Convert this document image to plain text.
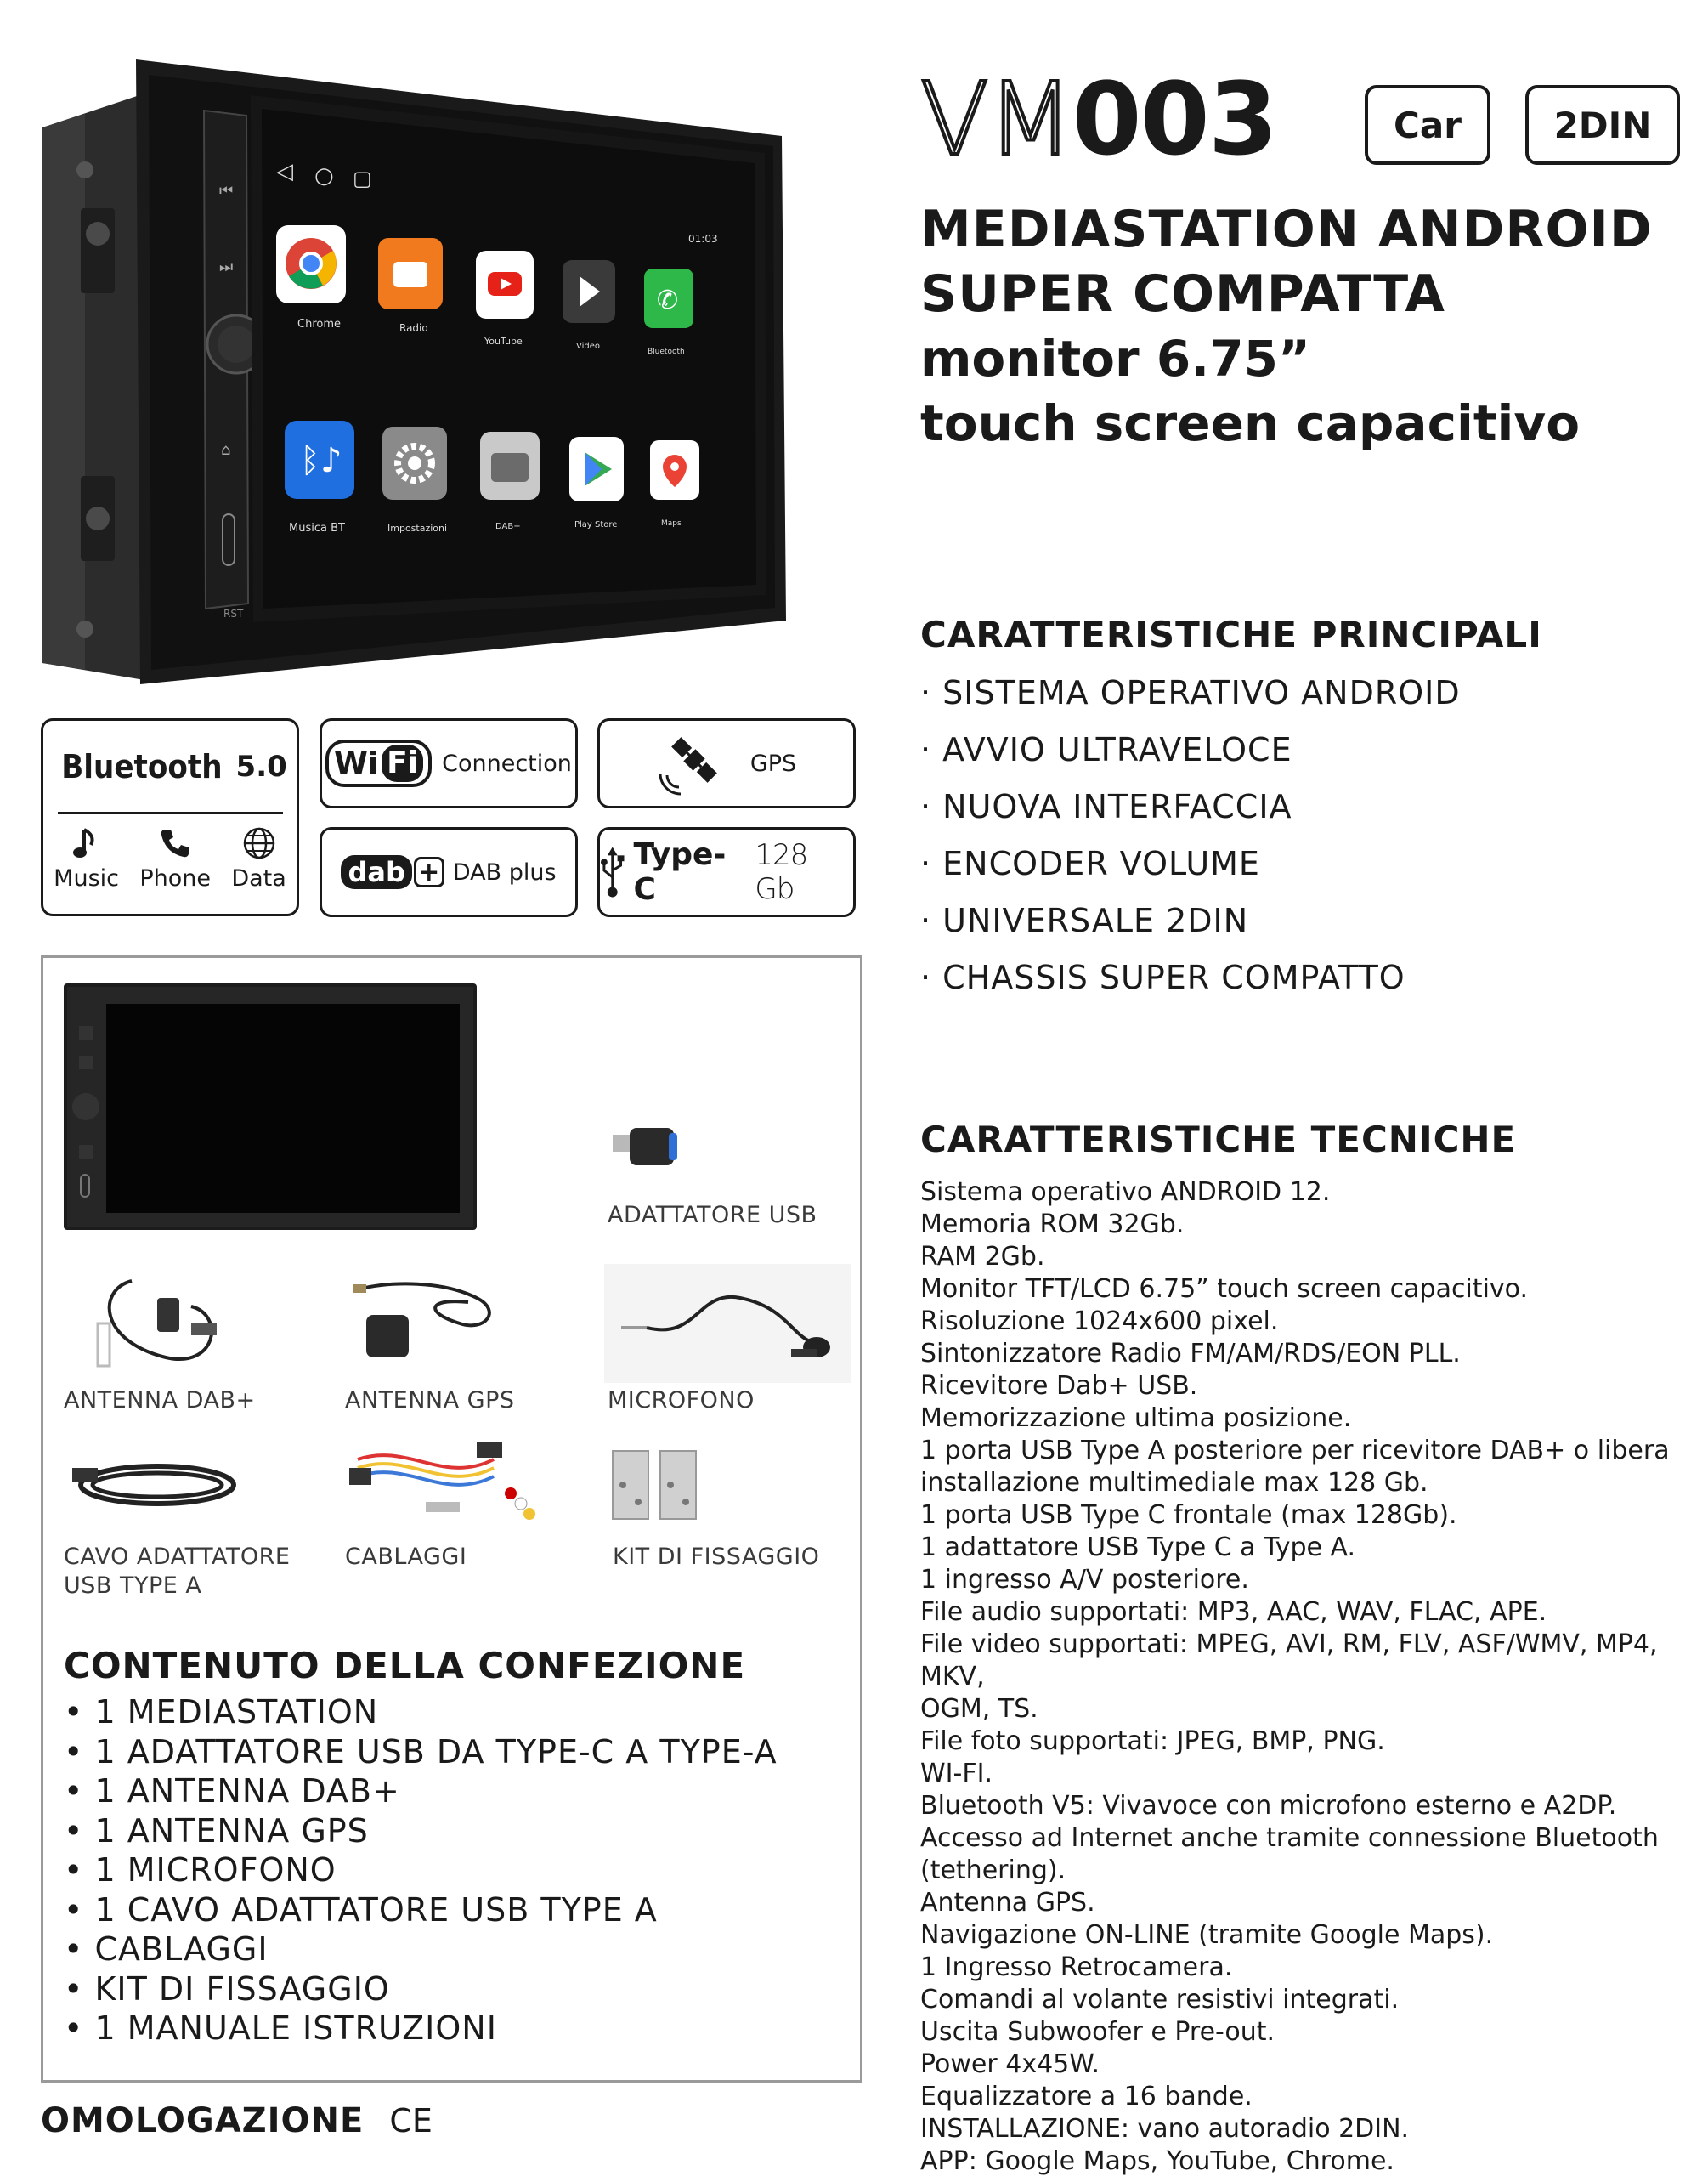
VM 003	Car	2DIN
MEDIASTATION ANDROID
SUPER COMPATTA
monitor 6.75”
touch screen capacitivo
⏮
⏭
⌂
RST
◁ ○ ▢
01:03
Chrome	Radio
YouTube	Video
✆
Bluetooth
ᛒ♪
Musica BT	Impostazioni	DAB+	Play Store	Maps
Bluetooth 5.0
Music Phone Data
Wi Fi Connection	GPS
dab + DAB plus	Type-C
128 Gb
CARATTERISTICHE PRINCIPALI
· SISTEMA OPERATIVO ANDROID
· AVVIO ULTRAVELOCE
· NUOVA INTERFACCIA
· ENCODER VOLUME
· UNIVERSALE 2DIN
· CHASSIS SUPER COMPATTO
CARATTERISTICHE TECNICHE
Sistema operativo ANDROID 12.
Memoria ROM 32Gb.
RAM 2Gb.
Monitor TFT/LCD 6.75” touch screen capacitivo.
Risoluzione 1024x600 pixel.
Sintonizzatore Radio FM/AM/RDS/EON PLL.
Ricevitore Dab+ USB.
Memorizzazione ultima posizione.
1 porta USB Type A posteriore per ricevitore DAB+ o libera
installazione multimediale max 128 Gb.
1 porta USB Type C frontale (max 128Gb).
1 adattatore USB Type C a Type A.
1 ingresso A/V posteriore.
File audio supportati: MP3, AAC, WAV, FLAC, APE.
File video supportati: MPEG, AVI, RM, FLV, ASF/WMV, MP4, MKV,
OGM, TS.
File foto supportati: JPEG, BMP, PNG.
WI-FI.
Bluetooth V5: Vivavoce con microfono esterno e A2DP.
Accesso ad Internet anche tramite connessione Bluetooth
(tethering).
Antenna GPS.
Navigazione ON-LINE (tramite Google Maps).
1 Ingresso Retrocamera.
Comandi al volante resistivi integrati.
Uscita Subwoofer e Pre-out.
Power 4x45W.
Equalizzatore a 16 bande.
INSTALLAZIONE: vano autoradio 2DIN.
APP: Google Maps, YouTube, Chrome.
ADATTATORE USB
ANTENNA DAB+	ANTENNA GPS	MICROFONO
CAVO ADATTATORE
USB TYPE A
CABLAGGI	KIT DI FISSAGGIO
CONTENUTO DELLA CONFEZIONE
• 1 MEDIASTATION
• 1 ADATTATORE USB DA TYPE-C A TYPE-A
• 1 ANTENNA DAB+
• 1 ANTENNA GPS
• 1 MICROFONO
• 1 CAVO ADATTATORE USB TYPE A
• CABLAGGI
• KIT DI FISSAGGIO
• 1 MANUALE ISTRUZIONI
OMOLOGAZIONE CE
